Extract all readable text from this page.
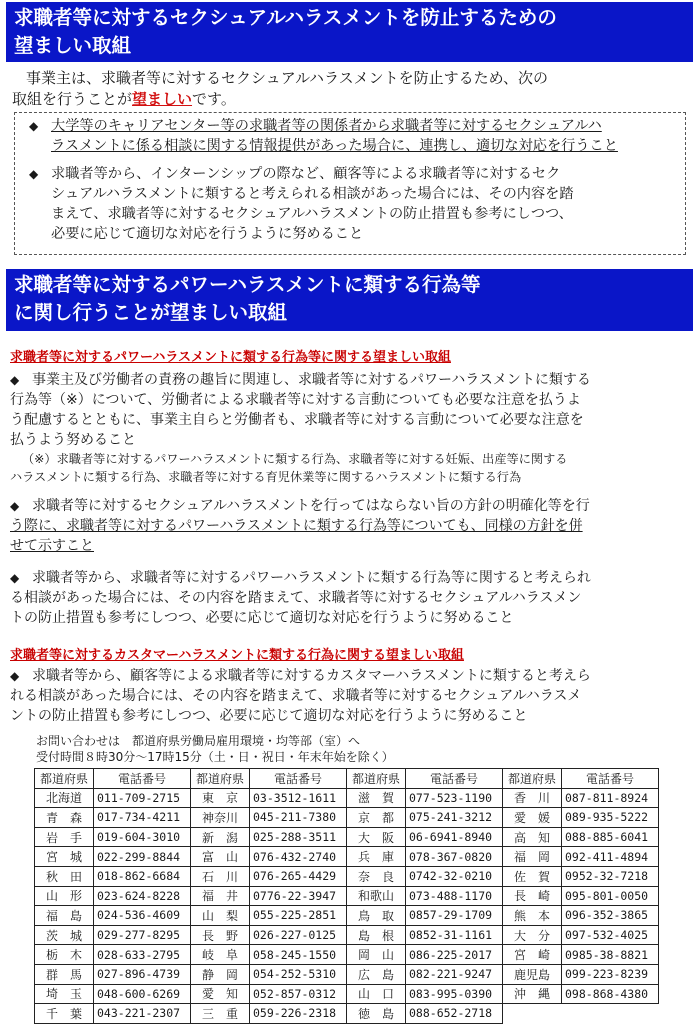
求職者等に対するセクシュアルハラスメントを防止するための
望ましい取組
事業主は、求職者等に対するセクシュアルハラスメントを防止するため、次の
取組を行うことが望ましいです。
◆ 大学等のキャリアセンター等の求職者等の関係者から求職者等に対するセクシュアルハ
ラスメントに係る相談に関する情報提供があった場合に、連携し、適切な対応を行うこと
◆ 求職者等から、インターンシップの際など、顧客等による求職者等に対するセク
シュアルハラスメントに類すると考えられる相談があった場合には、その内容を踏
まえて、求職者等に対するセクシュアルハラスメントの防止措置も参考にしつつ、
必要に応じて適切な対応を行うように努めること
求職者等に対するパワーハラスメントに類する行為等
に関し行うことが望ましい取組
求職者等に対するパワーハラスメントに類する行為等に関する望ましい取組
◆ 事業主及び労働者の責務の趣旨に関連し、求職者等に対するパワーハラスメントに類する
行為等（※）について、労働者による求職者等に対する言動についても必要な注意を払うよ
う配慮するとともに、事業主自らと労働者も、求職者等に対する言動について必要な注意を
払うよう努めること
（※）求職者等に対するパワーハラスメントに類する行為、求職者等に対する妊娠、出産等に関する
ハラスメントに類する行為、求職者等に対する育児休業等に関するハラスメントに類する行為
◆ 求職者等に対するセクシュアルハラスメントを行ってはならない旨の方針の明確化等を行
う際に、求職者等に対するパワーハラスメントに類する行為等についても、同様の方針を併
せて示すこと
◆ 求職者等から、求職者等に対するパワーハラスメントに類する行為等に関すると考えられ
る相談があった場合には、その内容を踏まえて、求職者等に対するセクシュアルハラスメン
トの防止措置も参考にしつつ、必要に応じて適切な対応を行うように努めること
求職者等に対するカスタマーハラスメントに類する行為に関する望ましい取組
◆ 求職者等から、顧客等による求職者等に対するカスタマーハラスメントに類すると考えら
れる相談があった場合には、その内容を踏まえて、求職者等に対するセクシュアルハラスメ
ントの防止措置も参考にしつつ、必要に応じて適切な対応を行うように努めること
お問い合わせは　都道府県労働局雇用環境・均等部（室）へ
受付時間８時30分～17時15分（土・日・祝日・年末年始を除く）
都道府県	電話番号	都道府県	電話番号	都道府県	電話番号	都道府県	電話番号
北海道	011-709-2715	東　京	03-3512-1611	滋　賀	077-523-1190	香　川	087-811-8924
青　森	017-734-4211	神奈川	045-211-7380	京　都	075-241-3212	愛　媛	089-935-5222
岩　手	019-604-3010	新　潟	025-288-3511	大　阪	06-6941-8940	高　知	088-885-6041
宮　城	022-299-8844	富　山	076-432-2740	兵　庫	078-367-0820	福　岡	092-411-4894
秋　田	018-862-6684	石　川	076-265-4429	奈　良	0742-32-0210	佐　賀	0952-32-7218
山　形	023-624-8228	福　井	0776-22-3947	和歌山	073-488-1170	長　崎	095-801-0050
福　島	024-536-4609	山　梨	055-225-2851	鳥　取	0857-29-1709	熊　本	096-352-3865
茨　城	029-277-8295	長　野	026-227-0125	島　根	0852-31-1161	大　分	097-532-4025
栃　木	028-633-2795	岐　阜	058-245-1550	岡　山	086-225-2017	宮　崎	0985-38-8821
群　馬	027-896-4739	静　岡	054-252-5310	広　島	082-221-9247	鹿児島	099-223-8239
埼　玉	048-600-6269	愛　知	052-857-0312	山　口	083-995-0390	沖　縄	098-868-4380
千　葉	043-221-2307	三　重	059-226-2318	徳　島	088-652-2718		
